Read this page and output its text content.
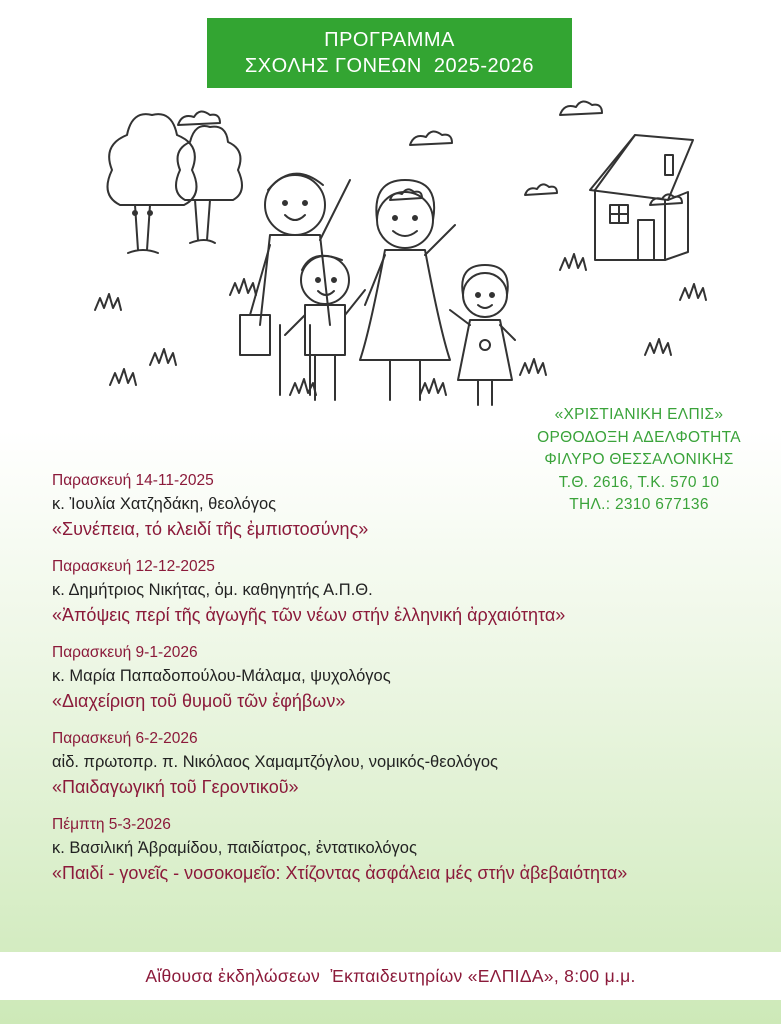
ΠΡΟΓΡΑΜΜΑ
ΣΧΟΛΗΣ ΓΟΝΕΩΝ  2025-2026
«ΧΡΙΣΤΙΑΝΙΚΗ ΕΛΠΙΣ»
ΟΡΘΟΔΟΞΗ ΑΔΕΛΦΟΤΗΤΑ
ΦΙΛΥΡΟ ΘΕΣΣΑΛΟΝΙΚΗΣ
Τ.Θ. 2616, Τ.Κ. 570 10
ΤΗΛ.: 2310 677136
Παρασκευή 14-11-2025
κ. Ἰουλία Χατζηδάκη, θεολόγος
«Συνέπεια, τό κλειδί τῆς ἐμπιστοσύνης»
Παρασκευή 12-12-2025
κ. Δημήτριος Νικήτας, ὁμ. καθηγητής Α.Π.Θ.
«Ἀπόψεις περί τῆς ἀγωγῆς τῶν νέων στήν ἑλληνική ἀρχαιότητα»
Παρασκευή 9-1-2026
κ. Μαρία Παπαδοπούλου-Μάλαμα, ψυχολόγος
«Διαχείριση τοῦ θυμοῦ τῶν ἐφήβων»
Παρασκευή 6-2-2026
αἰδ. πρωτοπρ. π. Νικόλαος Χαμαμτζόγλου, νομικός-θεολόγος
«Παιδαγωγική τοῦ Γεροντικοῦ»
Πέμπτη 5-3-2026
κ. Βασιλική Ἀβραμίδου, παιδίατρος, ἐντατικολόγος
«Παιδί - γονεῖς - νοσοκομεῖο: Χτίζοντας ἀσφάλεια μές στήν ἀβεβαιότητα»
Αἴθουσα ἐκδηλώσεων  Ἐκπαιδευτηρίων «ΕΛΠΙΔΑ», 8:00 μ.μ.
